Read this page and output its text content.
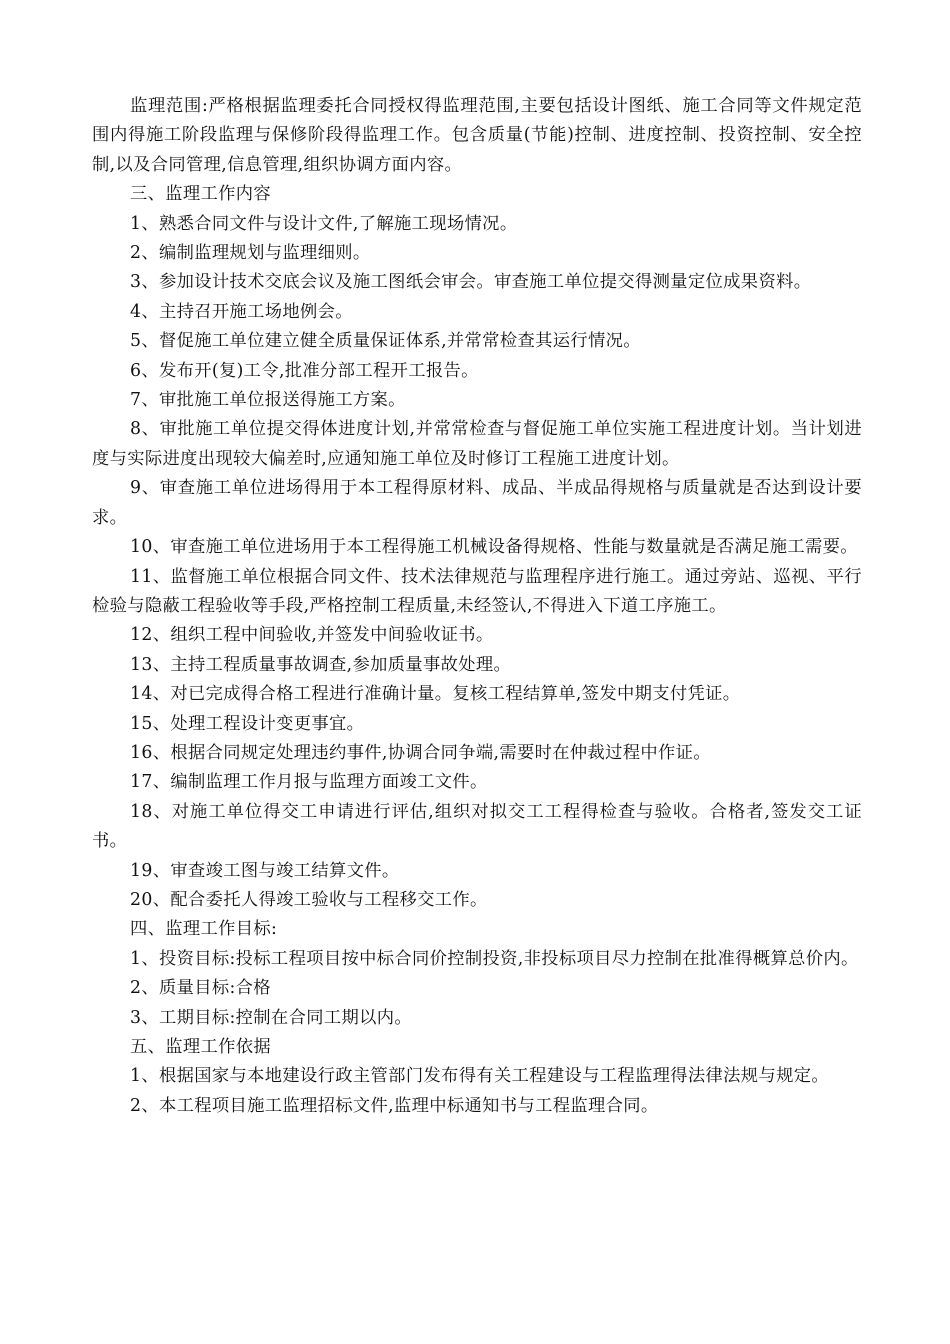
监理范围:严格根据监理委托合同授权得监理范围,主要包括设计图纸、施工合同等文件规定范围内得施工阶段监理与保修阶段得监理工作。包含质量(节能)控制、进度控制、投资控制、安全控制,以及合同管理,信息管理,组织协调方面内容。

三、监理工作内容

1、熟悉合同文件与设计文件,了解施工现场情况。

2、编制监理规划与监理细则。

3、参加设计技术交底会议及施工图纸会审会。审查施工单位提交得测量定位成果资料。

4、主持召开施工场地例会。

5、督促施工单位建立健全质量保证体系,并常常检查其运行情况。

6、发布开(复)工令,批准分部工程开工报告。

7、审批施工单位报送得施工方案。

8、审批施工单位提交得体进度计划,并常常检查与督促施工单位实施工程进度计划。当计划进度与实际进度出现较大偏差时,应通知施工单位及时修订工程施工进度计划。

9、审查施工单位进场得用于本工程得原材料、成品、半成品得规格与质量就是否达到设计要求。

10、审查施工单位进场用于本工程得施工机械设备得规格、性能与数量就是否满足施工需要。

11、监督施工单位根据合同文件、技术法律规范与监理程序进行施工。通过旁站、巡视、平行检验与隐蔽工程验收等手段,严格控制工程质量,未经签认,不得进入下道工序施工。

12、组织工程中间验收,并签发中间验收证书。

13、主持工程质量事故调查,参加质量事故处理。

14、对已完成得合格工程进行准确计量。复核工程结算单,签发中期支付凭证。

15、处理工程设计变更事宜。

16、根据合同规定处理违约事件,协调合同争端,需要时在仲裁过程中作证。

17、编制监理工作月报与监理方面竣工文件。

18、对施工单位得交工申请进行评估,组织对拟交工工程得检查与验收。合格者,签发交工证书。

19、审查竣工图与竣工结算文件。

20、配合委托人得竣工验收与工程移交工作。

四、监理工作目标:

1、投资目标:投标工程项目按中标合同价控制投资,非投标项目尽力控制在批准得概算总价内。

2、质量目标:合格

3、工期目标:控制在合同工期以内。

五、监理工作依据

1、根据国家与本地建设行政主管部门发布得有关工程建设与工程监理得法律法规与规定。

2、本工程项目施工监理招标文件,监理中标通知书与工程监理合同。
